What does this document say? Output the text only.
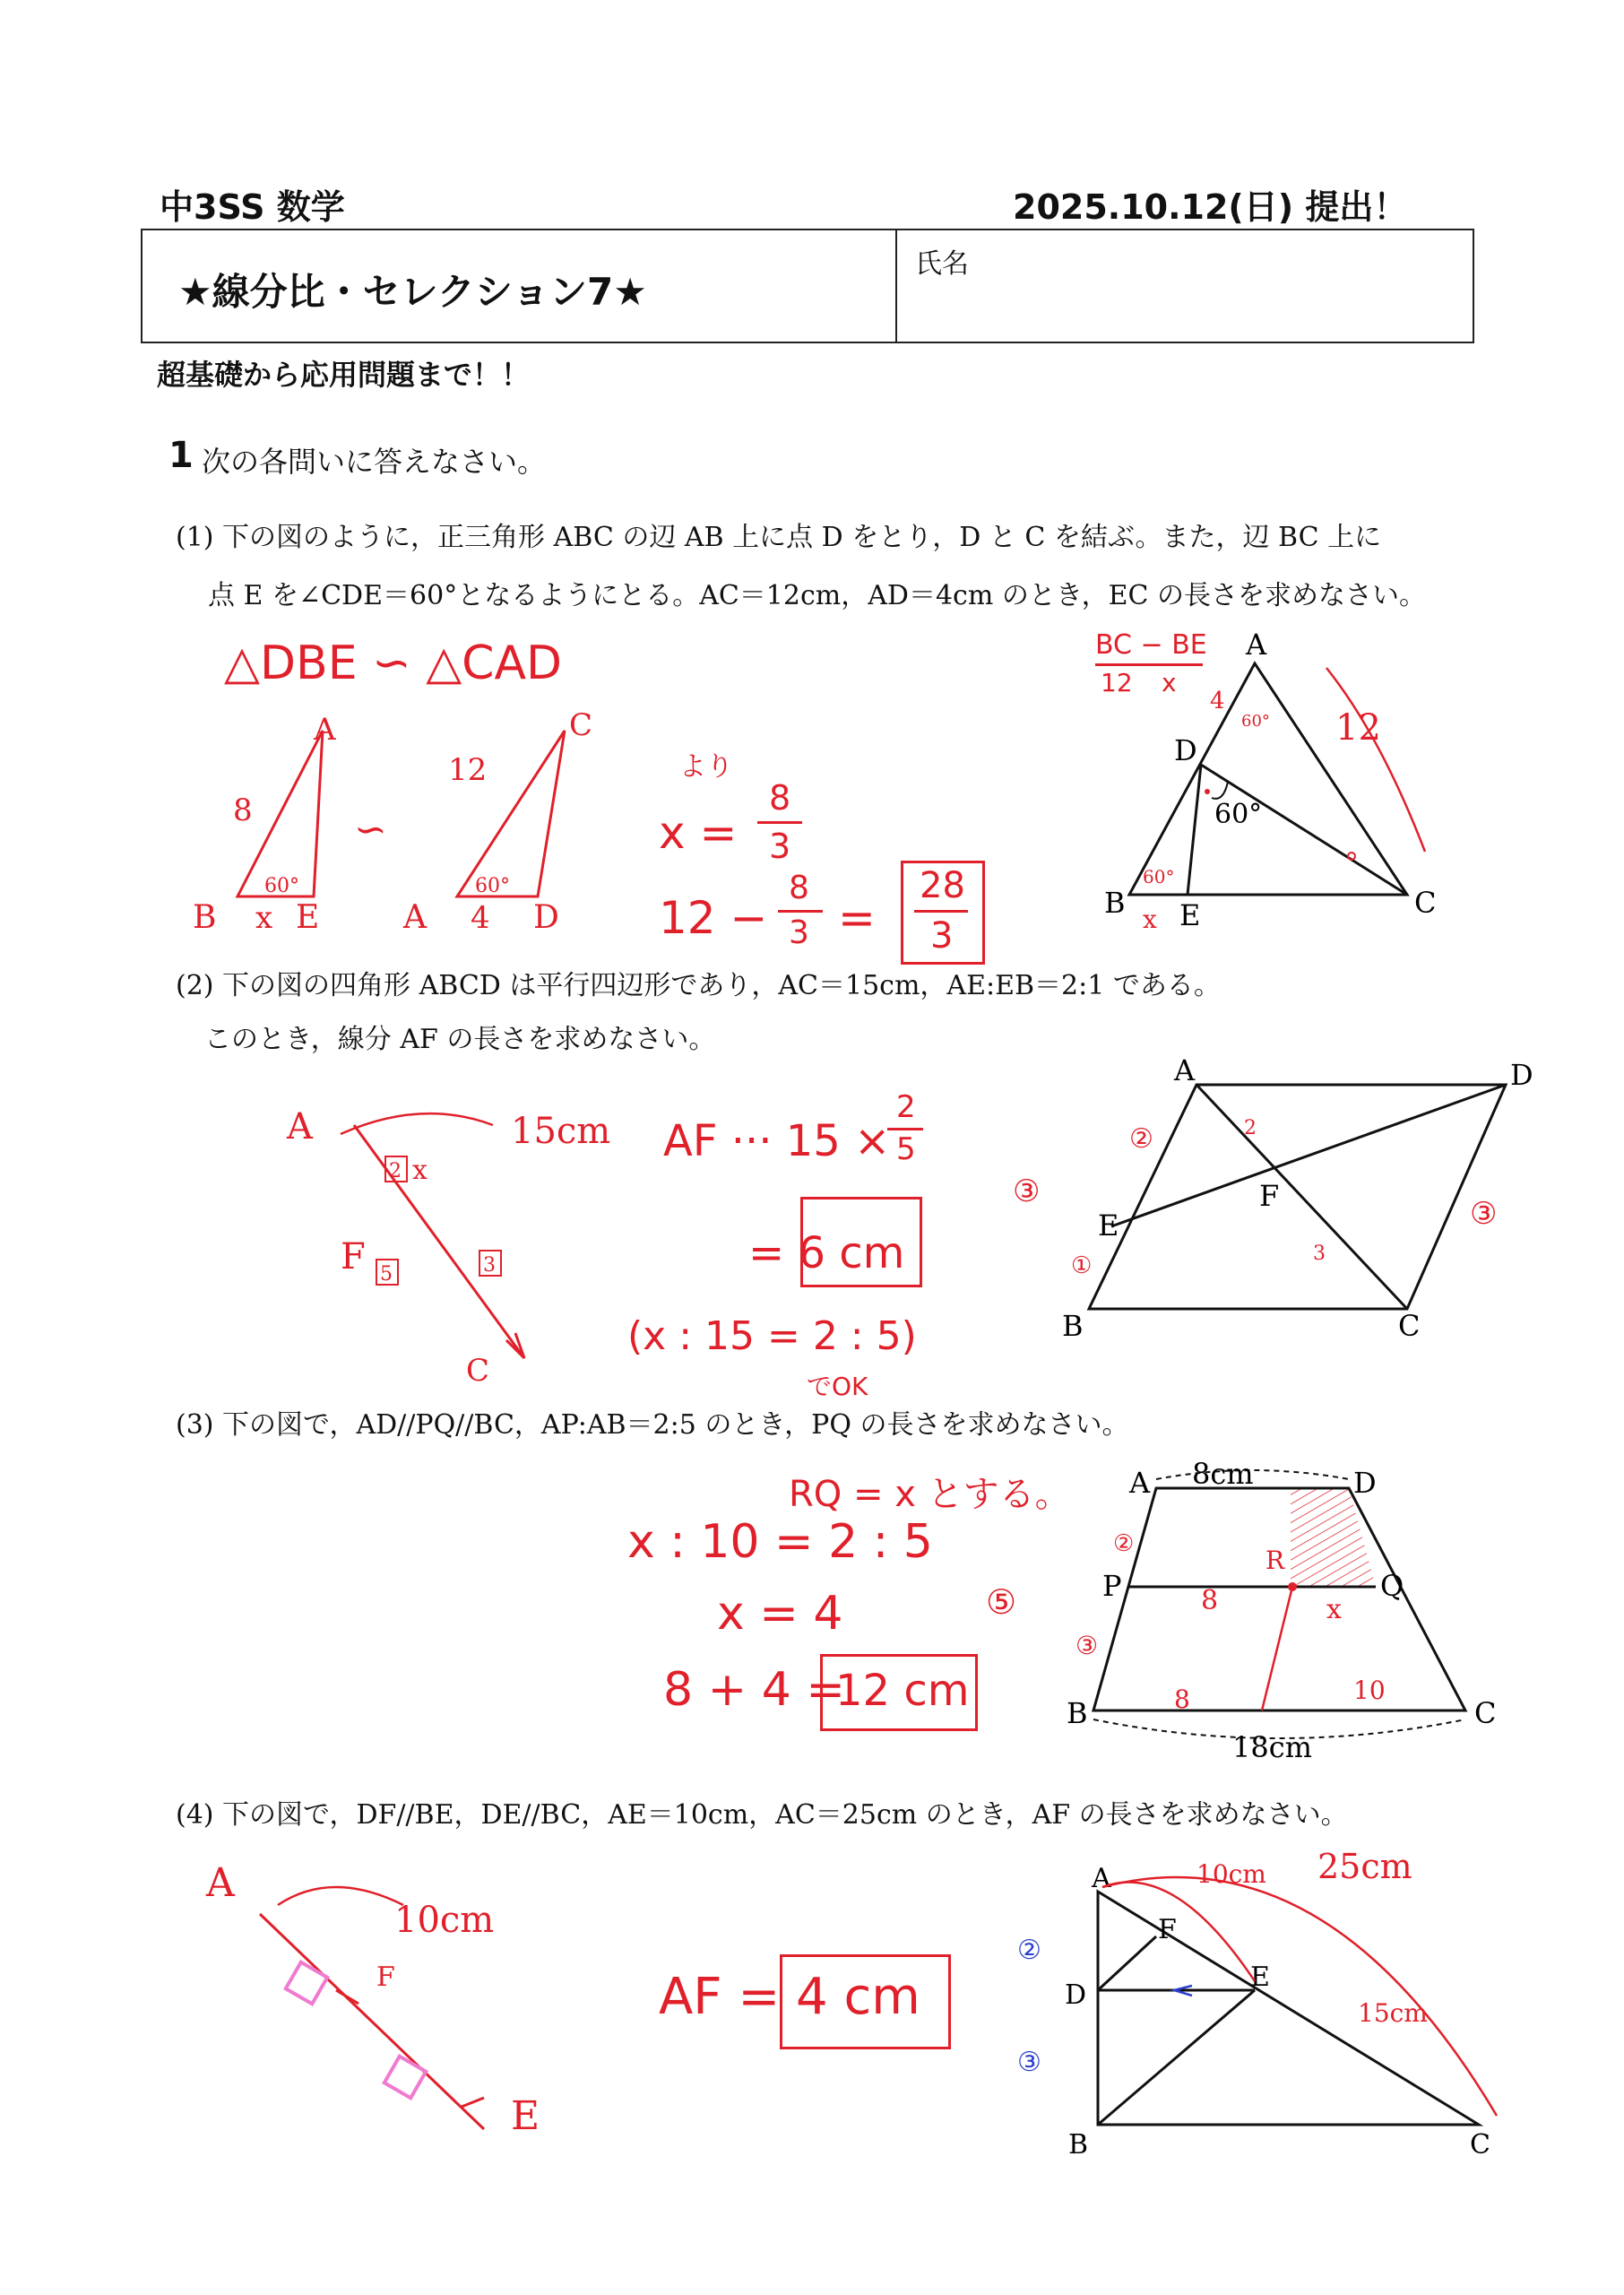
中3SS 数学	2025.10.12(日) 提出！
★線分比・セレクション7★
氏名
超基礎から応用問題まで！！
1 次の各問いに答えなさい。
(1) 下の図のように，正三角形 ABC の辺 AB 上に点 D をとり，D と C を結ぶ。また，辺 BC 上に
点 E を∠CDE＝60°となるようにとる。AC＝12cm，AD＝4cm のとき，EC の長さを求めなさい。
A
B	C
D
E
60°
4
60° 12
60°
x
BC − BE
12 x
△DBE ∽ △CAD
A
8
12
60°	60°
B x E	A 4 D
C
∽
より
x =
8
3
12 −
8
3 =
28
3
(2) 下の図の四角形 ABCD は平行四辺形であり，AC＝15cm，AE:EB＝2:1 である。
このとき，線分 AF の長さを求めなさい。
A	D
B	C
E
F
②	2
③
①
③
3
A	15cm
2 x
F 5	3
C
AF ··· 15 ×
2
5
= 6 cm
(x : 15 = 2 : 5)
でOK
(3) 下の図で，AD//PQ//BC，AP:AB＝2:5 のとき，PQ の長さを求めなさい。
A 8cm	D
P	Q
B	C
18cm
②
⑤
③
8
R
x
8	10
RQ = x とする。
x : 10 = 2 : 5
x = 4
8 + 4 =
12 cm
(4) 下の図で，DF//BE，DE//BC，AE＝10cm，AC＝25cm のとき，AF の長さを求めなさい。
A
F
D
E
B	C
10cm 25cm
15cm
②
③
A
10cm
F
E
AF = 4 cm
